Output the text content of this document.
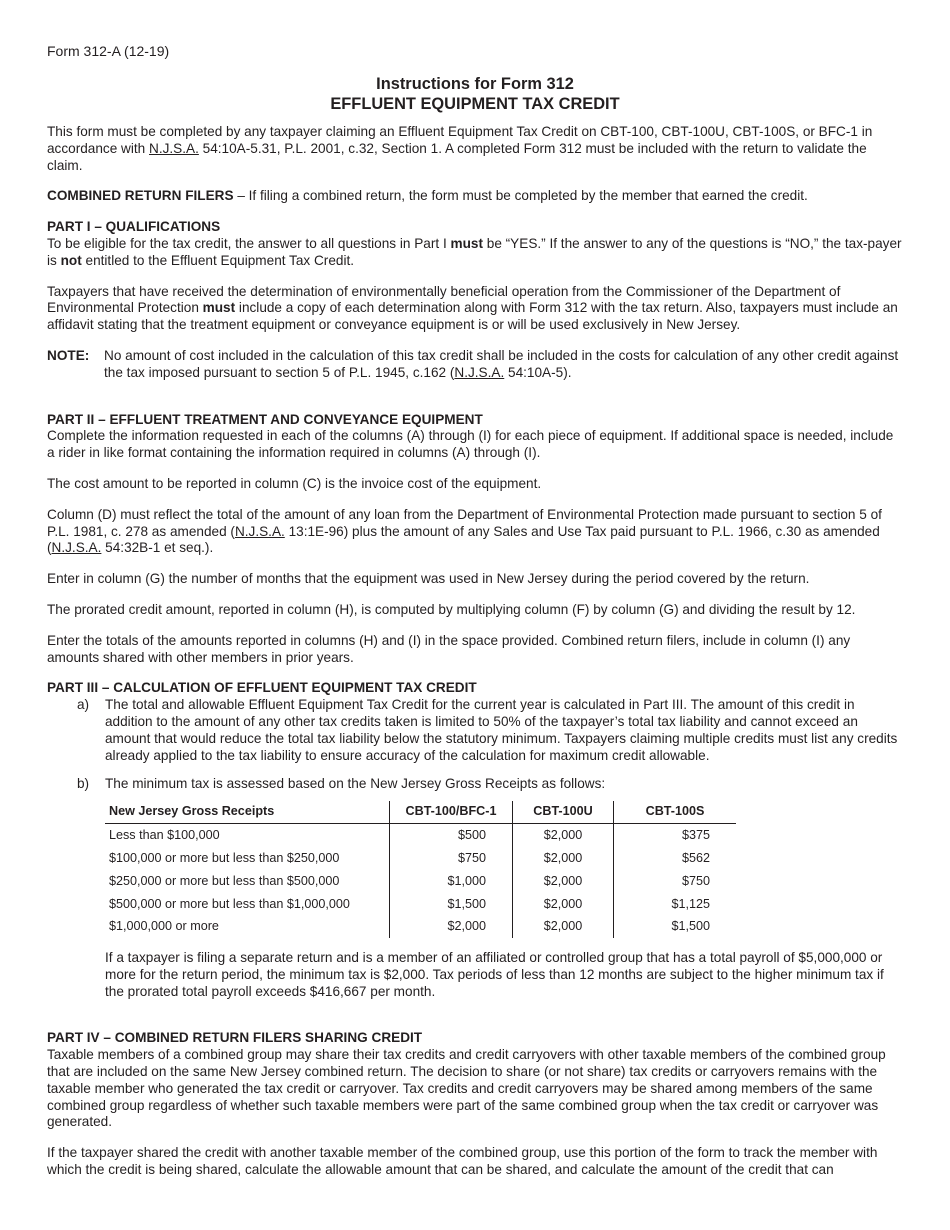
Form 312-A (12-19)
Instructions for Form 312
EFFLUENT EQUIPMENT TAX CREDIT

This form must be completed by any taxpayer claiming an Effluent Equipment Tax Credit on CBT-100, CBT-100U, CBT-100S, or BFC-1 in accordance with N.J.S.A. 54:10A-5.31, P.L. 2001, c.32, Section 1. A completed Form 312 must be included with the return to validate the claim.

COMBINED RETURN FILERS – If filing a combined return, the form must be completed by the member that earned the credit.

PART I – QUALIFICATIONS

To be eligible for the tax credit, the answer to all questions in Part I must be “YES.” If the answer to any of the questions is “NO,” the tax-payer is not entitled to the Effluent Equipment Tax Credit.

Taxpayers that have received the determination of environmentally beneficial operation from the Commissioner of the Department of Environmental Protection must include a copy of each determination along with Form 312 with the tax return. Also, taxpayers must include an affidavit stating that the treatment equipment or conveyance equipment is or will be used exclusively in New Jersey.

NOTE:	No amount of cost included in the calculation of this tax credit shall be included in the costs for calculation of any other credit against the tax imposed pursuant to section 5 of P.L. 1945, c.162 (N.J.S.A. 54:10A-5).
PART II – EFFLUENT TREATMENT AND CONVEYANCE EQUIPMENT

Complete the information requested in each of the columns (A) through (I) for each piece of equipment. If additional space is needed, include a rider in like format containing the information required in columns (A) through (I).

The cost amount to be reported in column (C) is the invoice cost of the equipment.

Column (D) must reflect the total of the amount of any loan from the Department of Environmental Protection made pursuant to section 5 of P.L. 1981, c. 278 as amended (N.J.S.A. 13:1E-96) plus the amount of any Sales and Use Tax paid pursuant to P.L. 1966, c.30 as amended (N.J.S.A. 54:32B-1 et seq.).

Enter in column (G) the number of months that the equipment was used in New Jersey during the period covered by the return.

The prorated credit amount, reported in column (H), is computed by multiplying column (F) by column (G) and dividing the result by 12.

Enter the totals of the amounts reported in columns (H) and (I) in the space provided. Combined return filers, include in column (I) any amounts shared with other members in prior years.

PART III – CALCULATION OF EFFLUENT EQUIPMENT TAX CREDIT
a)	The total and allowable Effluent Equipment Tax Credit for the current year is calculated in Part III. The amount of this credit in addition to the amount of any other tax credits taken is limited to 50% of the taxpayer’s total tax liability and cannot exceed an amount that would reduce the total tax liability below the statutory minimum. Taxpayers claiming multiple credits must list any credits already applied to the tax liability to ensure accuracy of the calculation for maximum credit allowable.
b)	The minimum tax is assessed based on the New Jersey Gross Receipts as follows:
New Jersey Gross Receipts	CBT-100/BFC-1	CBT-100U	CBT-100S
Less than $100,000	$500	$2,000	$375
$100,000 or more but less than $250,000	$750	$2,000	$562
$250,000 or more but less than $500,000	$1,000	$2,000	$750
$500,000 or more but less than $1,000,000	$1,500	$2,000	$1,125
$1,000,000 or more	$2,000	$2,000	$1,500

If a taxpayer is filing a separate return and is a member of an affiliated or controlled group that has a total payroll of $5,000,000 or more for the return period, the minimum tax is $2,000. Tax periods of less than 12 months are subject to the higher minimum tax if the prorated total payroll exceeds $416,667 per month.

PART IV – COMBINED RETURN FILERS SHARING CREDIT

Taxable members of a combined group may share their tax credits and credit carryovers with other taxable members of the combined group that are included on the same New Jersey combined return. The decision to share (or not share) tax credits or carryovers remains with the taxable member who generated the tax credit or carryover. Tax credits and credit carryovers may be shared among members of the same combined group regardless of whether such taxable members were part of the same combined group when the tax credit or carryover was generated.

If the taxpayer shared the credit with another taxable member of the combined group, use this portion of the form to track the member with which the credit is being shared, calculate the allowable amount that can be shared, and calculate the amount of the credit that can
